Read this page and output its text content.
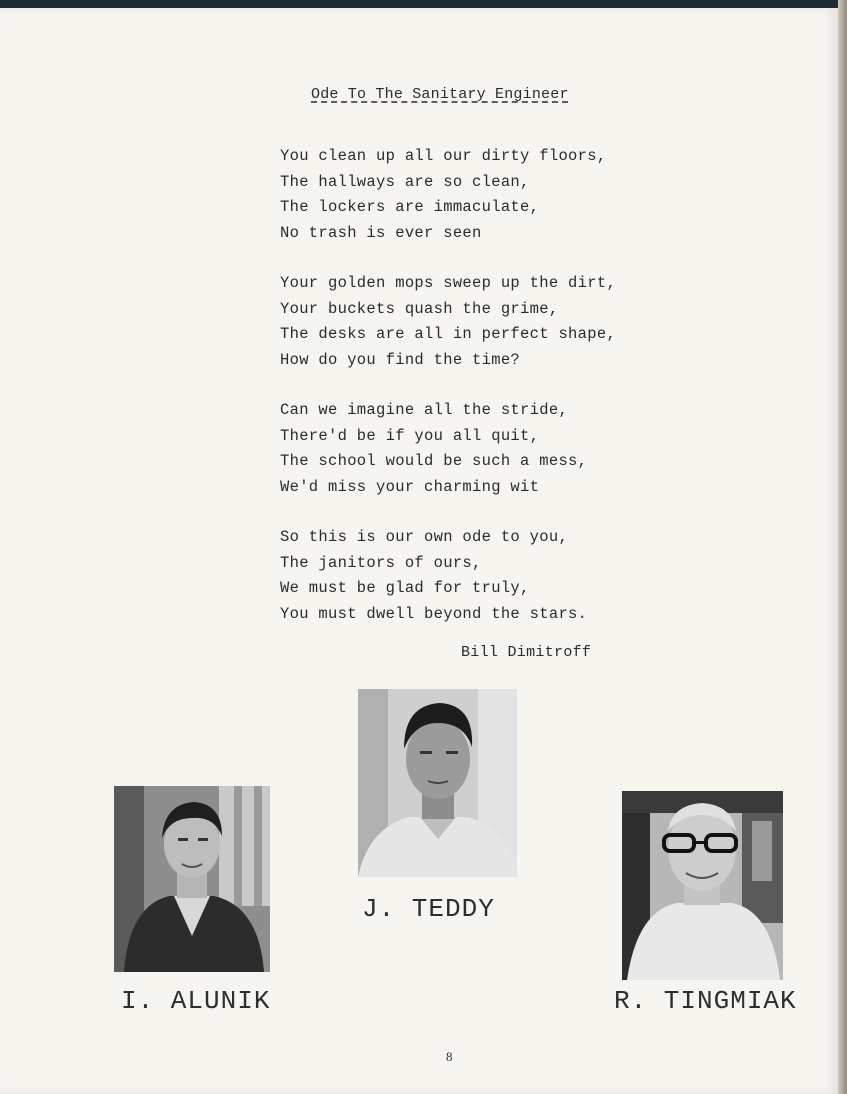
Ode To The Sanitary Engineer
You clean up all our dirty floors,
The hallways are so clean,
The lockers are immaculate,
No trash is ever seen
Your golden mops sweep up the dirt,
Your buckets quash the grime,
The desks are all in perfect shape,
How do you find the time?
Can we imagine all the stride,
There'd be if you all quit,
The school would be such a mess,
We'd miss your charming wit
So this is our own ode to you,
The janitors of ours,
We must be glad for truly,
You must dwell beyond the stars.
Bill Dimitroff
I. ALUNIK
J. TEDDY
R. TINGMIAK
8
